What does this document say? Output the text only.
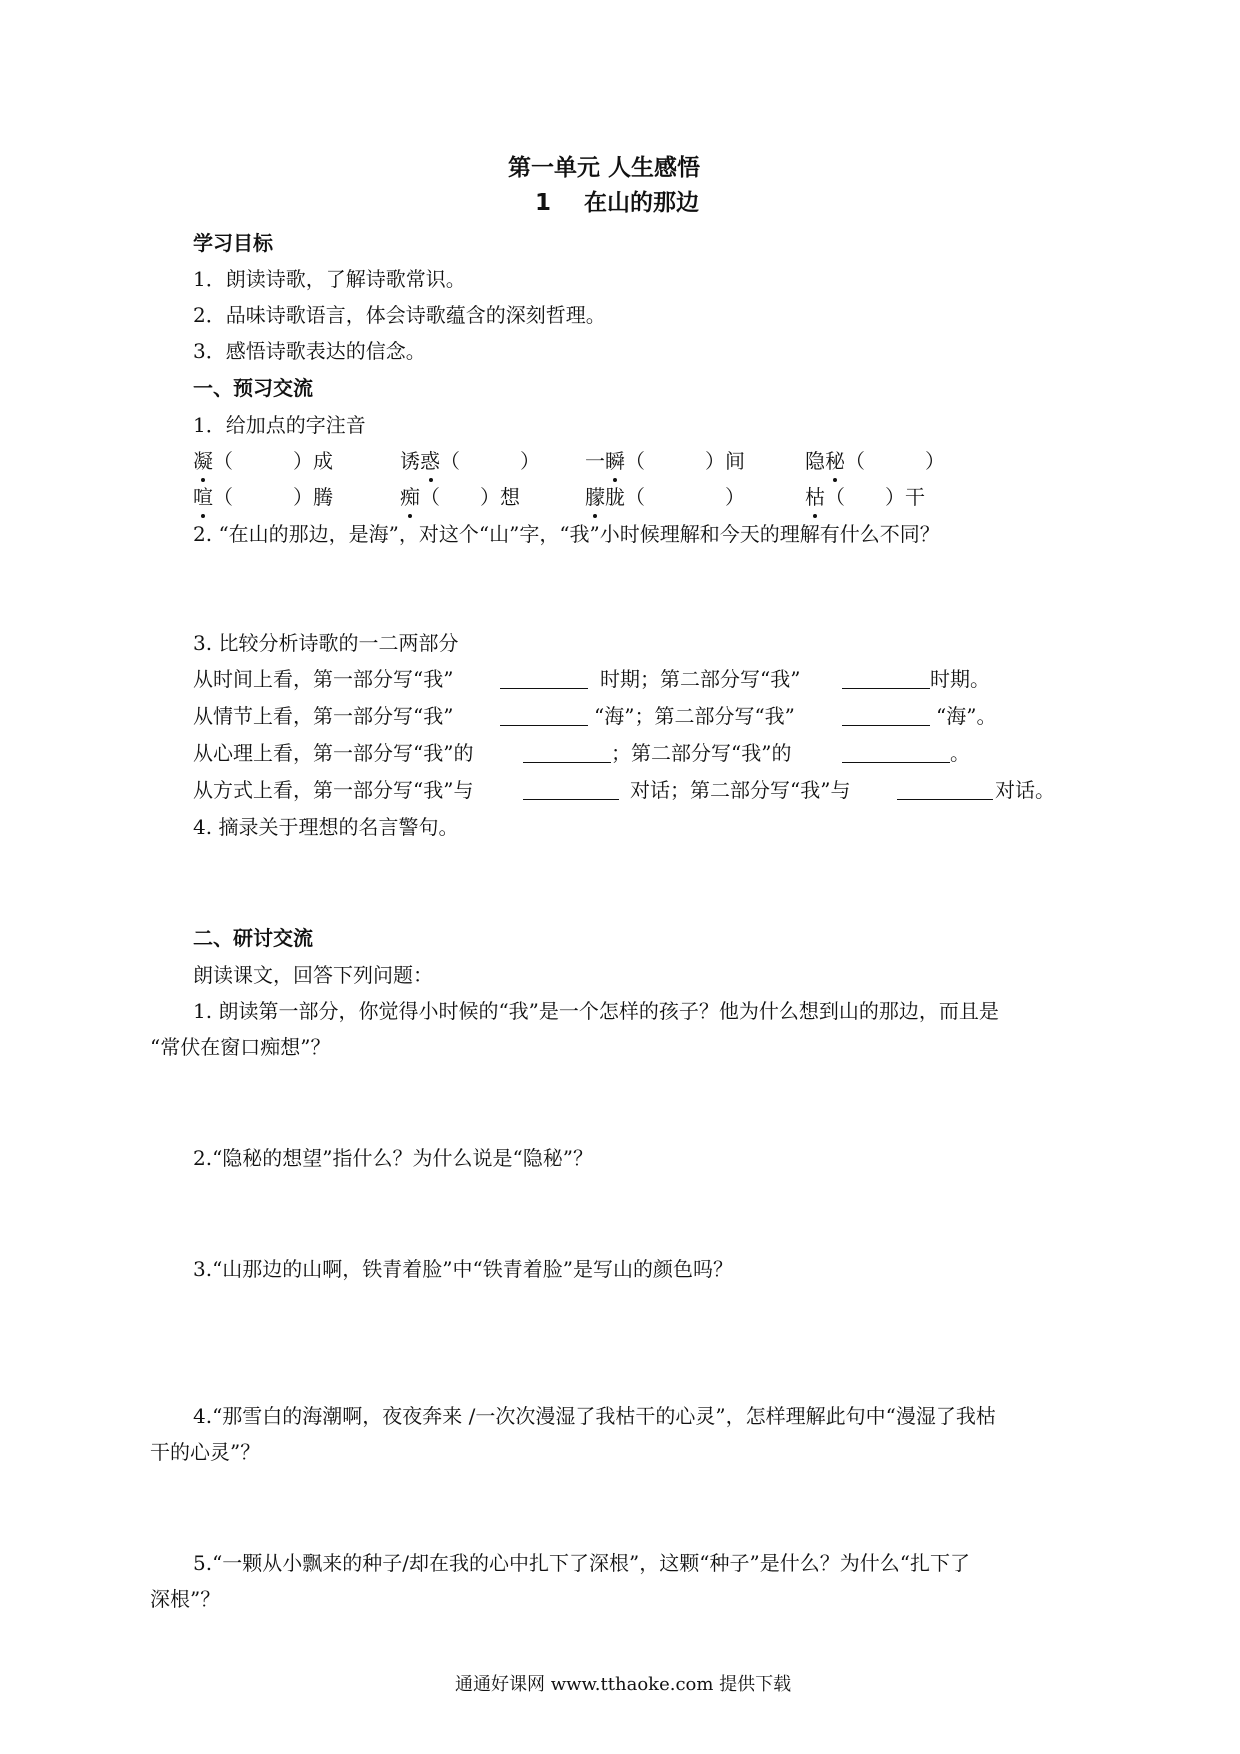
第一单元 人生感悟
1 在山的那边
学习目标
1．朗读诗歌，了解诗歌常识。
2．品味诗歌语言，体会诗歌蕴含的深刻哲理。
3．感悟诗歌表达的信念。
一、预习交流
1．给加点的字注音
凝（　　　）成	诱惑（　　　） 一瞬（　　　）间	隐秘（　　　）
喧（　　　）腾	痴（　　）想	朦胧（　　　　）	枯（　　）干
2. “在山的那边，是海”，对这个“山”字，“我”小时候理解和今天的理解有什么不同？
3. 比较分析诗歌的一二两部分
从时间上看，第一部分写“我”	时期；第二部分写“我”	时期。
从情节上看，第一部分写“我”	“海”；第二部分写“我”	“海”。
从心理上看，第一部分写“我”的	；第二部分写“我”的	。
从方式上看，第一部分写“我”与	对话；第二部分写“我”与	对话。
4. 摘录关于理想的名言警句。
二、研讨交流
朗读课文，回答下列问题：
1. 朗读第一部分，你觉得小时候的“我”是一个怎样的孩子？他为什么想到山的那边，而且是
“常伏在窗口痴想”？
2.“隐秘的想望”指什么？为什么说是“隐秘”？
3.“山那边的山啊，铁青着脸”中“铁青着脸”是写山的颜色吗？
4.“那雪白的海潮啊，夜夜奔来 /一次次漫湿了我枯干的心灵”，怎样理解此句中“漫湿了我枯
干的心灵”？
5.“一颗从小飘来的种子/却在我的心中扎下了深根”，这颗“种子”是什么？为什么“扎下了
深根”？
通通好课网 www.tthaoke.com 提供下载
